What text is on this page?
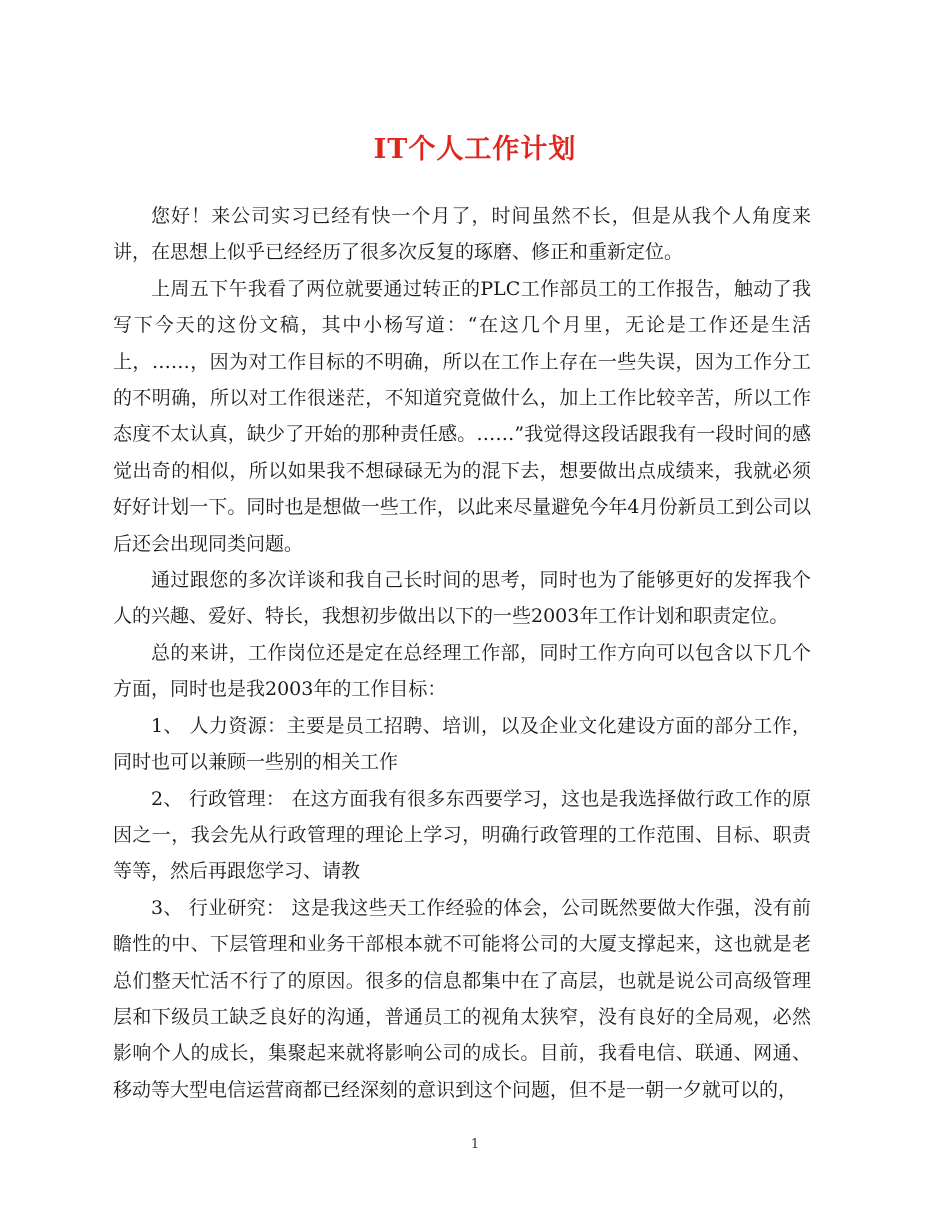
IT个人工作计划

您好！来公司实习已经有快一个月了，时间虽然不长，但是从我个人角度来讲，在思想上似乎已经经历了很多次反复的琢磨、修正和重新定位。

上周五下午我看了两位就要通过转正的PLC工作部员工的工作报告，触动了我写下今天的这份文稿，其中小杨写道：“在这几个月里，无论是工作还是生活上，……，因为对工作目标的不明确，所以在工作上存在一些失误，因为工作分工的不明确，所以对工作很迷茫，不知道究竟做什么，加上工作比较辛苦，所以工作态度不太认真，缺少了开始的那种责任感。……”我觉得这段话跟我有一段时间的感觉出奇的相似，所以如果我不想碌碌无为的混下去，想要做出点成绩来，我就必须好好计划一下。同时也是想做一些工作，以此来尽量避免今年4月份新员工到公司以后还会出现同类问题。

通过跟您的多次详谈和我自己长时间的思考，同时也为了能够更好的发挥我个人的兴趣、爱好、特长，我想初步做出以下的一些2003年工作计划和职责定位。

总的来讲，工作岗位还是定在总经理工作部，同时工作方向可以包含以下几个方面，同时也是我2003年的工作目标：

1、 人力资源：主要是员工招聘、培训，以及企业文化建设方面的部分工作，同时也可以兼顾一些别的相关工作

2、 行政管理： 在这方面我有很多东西要学习，这也是我选择做行政工作的原因之一，我会先从行政管理的理论上学习，明确行政管理的工作范围、目标、职责等等，然后再跟您学习、请教

3、 行业研究： 这是我这些天工作经验的体会，公司既然要做大作强，没有前瞻性的中、下层管理和业务干部根本就不可能将公司的大厦支撑起来，这也就是老总们整天忙活不行了的原因。很多的信息都集中在了高层，也就是说公司高级管理层和下级员工缺乏良好的沟通，普通员工的视角太狭窄，没有良好的全局观，必然影响个人的成长，集聚起来就将影响公司的成长。目前，我看电信、联通、网通、移动等大型电信运营商都已经深刻的意识到这个问题，但不是一朝一夕就可以的，

1
